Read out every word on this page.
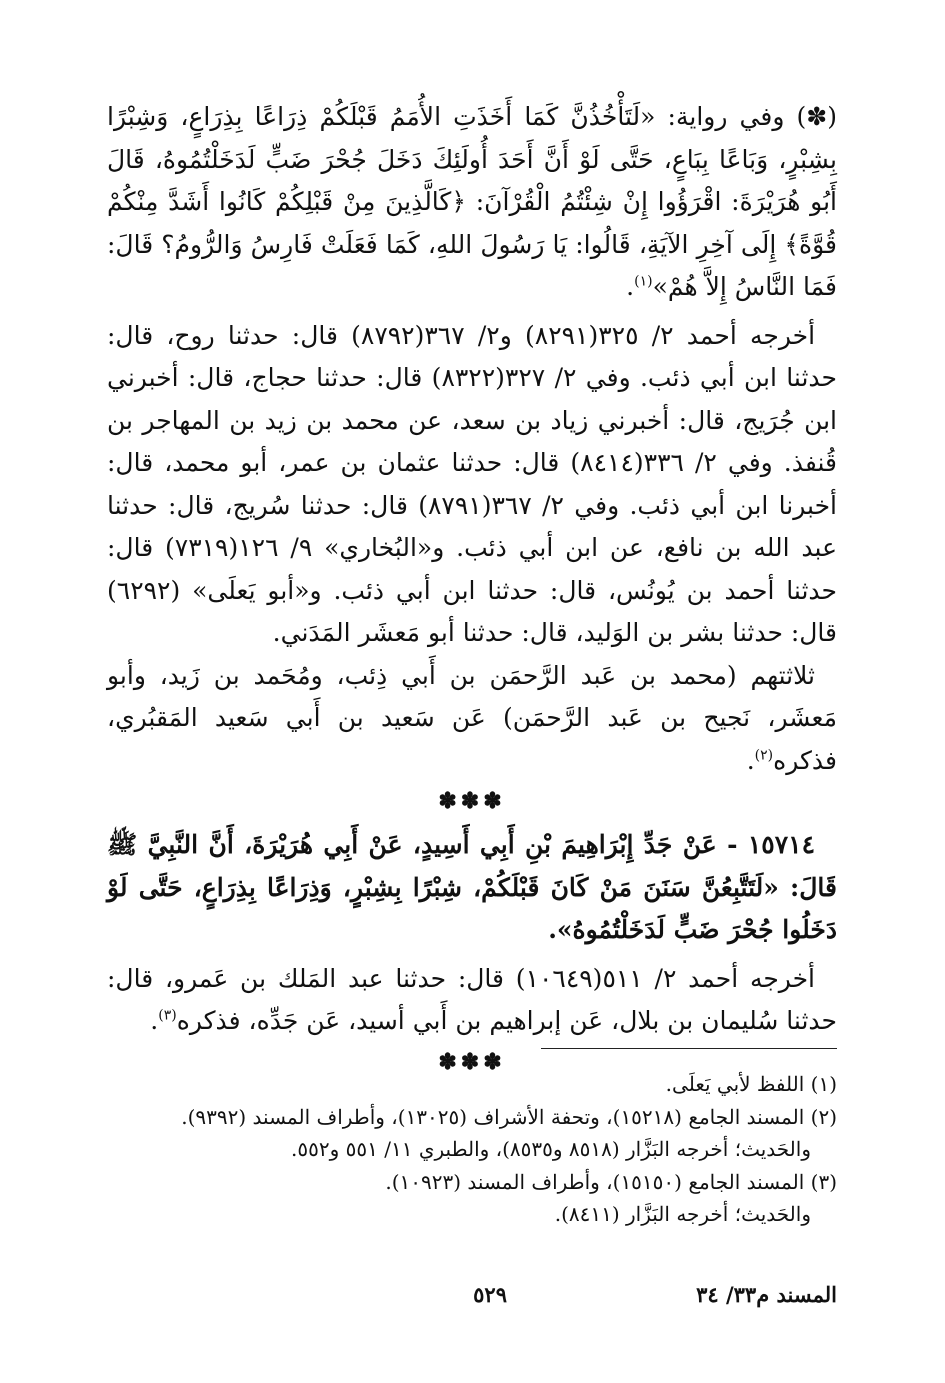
(✽) وفي رواية: «لَتَأْخُذُنَّ كَمَا أَخَذَتِ الأُمَمُ قَبْلَكُمْ ذِرَاعًا بِذِرَاعٍ، وَشِبْرًا بِشِبْرٍ، وَبَاعًا بِبَاعٍ، حَتَّى لَوْ أَنَّ أَحَدَ أُولَئِكَ دَخَلَ جُحْرَ ضَبٍّ لَدَخَلْتُمُوهُ، قَالَ أَبُو هُرَيْرَةَ: اقْرَؤُوا إِنْ شِئْتُمُ الْقُرْآنَ: ﴿كَالَّذِينَ مِنْ قَبْلِكُمْ كَانُوا أَشَدَّ مِنْكُمْ قُوَّةً﴾ إِلَى آخِرِ الآيَةِ، قَالُوا: يَا رَسُولَ اللهِ، كَمَا فَعَلَتْ فَارِسُ وَالرُّومُ؟ قَالَ: فَمَا النَّاسُ إِلاَّ هُمْ»$^{(١)}$.

أخرجه أحمد ٢/ ٣٢٥(٨٢٩١) و٢/ ٣٦٧(٨٧٩٢) قال: حدثنا روح، قال: حدثنا ابن أبي ذئب. وفي ٢/ ٣٢٧(٨٣٢٢) قال: حدثنا حجاج، قال: أخبرني ابن جُرَيج، قال: أخبرني زياد بن سعد، عن محمد بن زيد بن المهاجر بن قُنفذ. وفي ٢/ ٣٣٦(٨٤١٤) قال: حدثنا عثمان بن عمر، أبو محمد، قال: أخبرنا ابن أبي ذئب. وفي ٢/ ٣٦٧(٨٧٩١) قال: حدثنا سُريج، قال: حدثنا عبد الله بن نافع، عن ابن أبي ذئب. و«البُخاري» ٩/ ١٢٦(٧٣١٩) قال: حدثنا أحمد بن يُونُس، قال: حدثنا ابن أبي ذئب. و«أبو يَعلَى» (٦٢٩٢) قال: حدثنا بشر بن الوَليد، قال: حدثنا أبو مَعشَر المَدَني.

ثلاثتهم (محمد بن عَبد الرَّحمَن بن أَبي ذِئب، ومُحَمد بن زَيد، وأبو مَعشَر، نَجيح بن عَبد الرَّحمَن) عَن سَعيد بن أَبي سَعيد المَقبُري، فذكره$^{(٢)}$.

✽✽✽

١٥٧١٤ - عَنْ جَدِّ إِبْرَاهِيمَ بْنِ أَبِي أَسِيدٍ، عَنْ أَبِي هُرَيْرَةَ، أَنَّ النَّبِيَّ ﷺ قَالَ: «لَتَتَّبِعُنَّ سَنَنَ مَنْ كَانَ قَبْلَكُمْ، شِبْرًا بِشِبْرٍ، وَذِرَاعًا بِذِرَاعٍ، حَتَّى لَوْ دَخَلُوا جُحْرَ ضَبٍّ لَدَخَلْتُمُوهُ».

أخرجه أحمد ٢/ ٥١١(١٠٦٤٩) قال: حدثنا عبد المَلك بن عَمرو، قال: حدثنا سُليمان بن بلال، عَن إبراهيم بن أَبي أسيد، عَن جَدِّه، فذكره$^{(٣)}$.

✽✽✽

(١) اللفظ لأبي يَعلَى.

(٢) المسند الجامع (١٥٢١٨)، وتحفة الأشراف (١٣٠٢٥)، وأطراف المسند (٩٣٩٢).

والحَديث؛ أخرجه البَزَّار (٨٥١٨ و٨٥٣٥)، والطبري ١١/ ٥٥١ و٥٥٢.

(٣) المسند الجامع (١٥١٥٠)، وأطراف المسند (١٠٩٢٣).

والحَديث؛ أخرجه البَزَّار (٨٤١١).

المسند م٣٣/ ٣٤
٥٢٩
